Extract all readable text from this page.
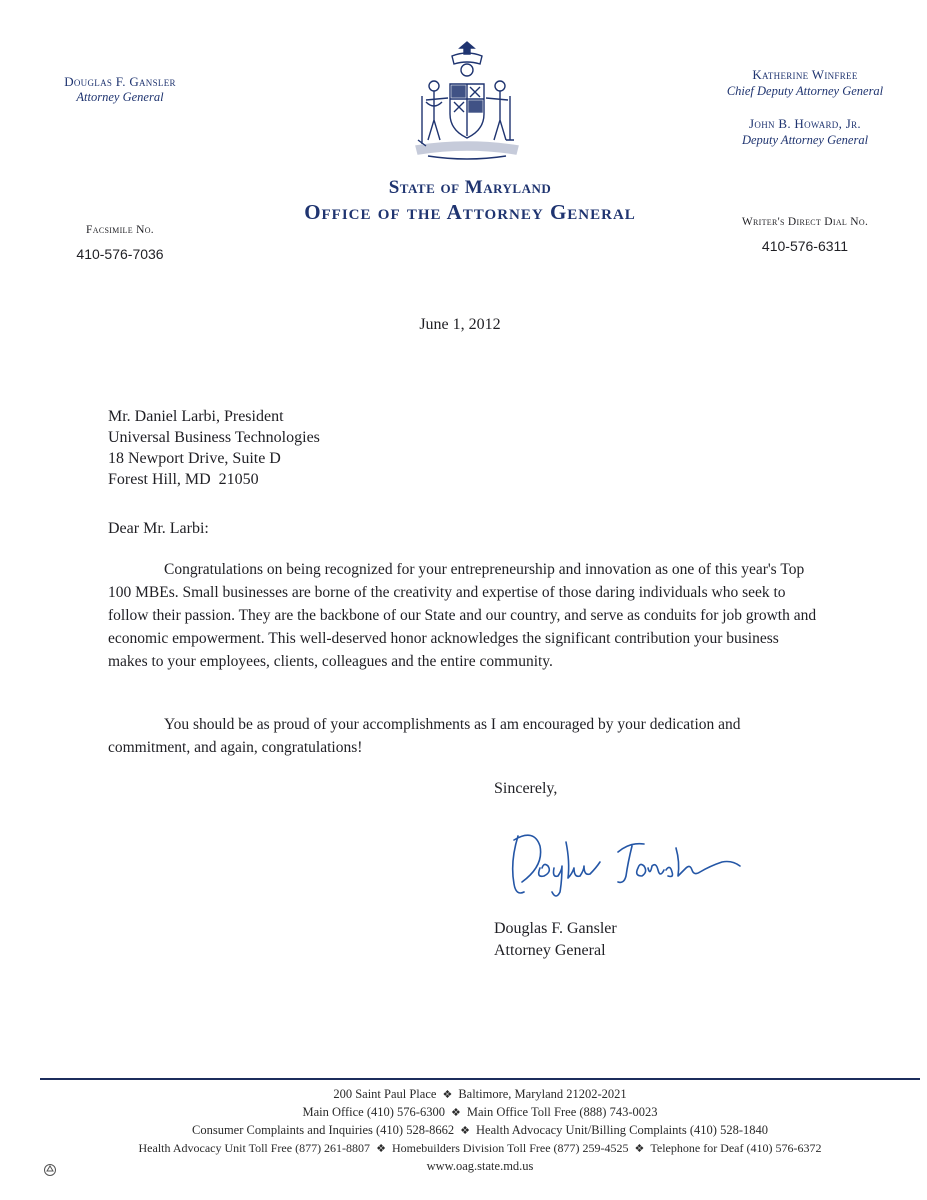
Douglas F. Gansler
Attorney General
Katherine Winfree
Chief Deputy Attorney General
John B. Howard, Jr.
Deputy Attorney General
State of Maryland
Office of the Attorney General
Facsimile No.
410-576-7036
Writer's Direct Dial No.
410-576-6311
June 1, 2012
Mr. Daniel Larbi, President
Universal Business Technologies
18 Newport Drive, Suite D
Forest Hill, MD  21050
Dear Mr. Larbi:

Congratulations on being recognized for your entrepreneurship and innovation as one of this year's Top 100 MBEs. Small businesses are borne of the creativity and expertise of those daring individuals who seek to follow their passion. They are the backbone of our State and our country, and serve as conduits for job growth and economic empowerment. This well-deserved honor acknowledges the significant contribution your business makes to your employees, clients, colleagues and the entire community.

You should be as proud of your accomplishments as I am encouraged by your dedication and commitment, and again, congratulations!

Sincerely,
Douglas F. Gansler
Attorney General
200 Saint Paul Place ❖ Baltimore, Maryland 21202-2021
Main Office (410) 576-6300 ❖ Main Office Toll Free (888) 743-0023
Consumer Complaints and Inquiries (410) 528-8662 ❖ Health Advocacy Unit/Billing Complaints (410) 528-1840
Health Advocacy Unit Toll Free (877) 261-8807 ❖ Homebuilders Division Toll Free (877) 259-4525 ❖ Telephone for Deaf (410) 576-6372
www.oag.state.md.us
